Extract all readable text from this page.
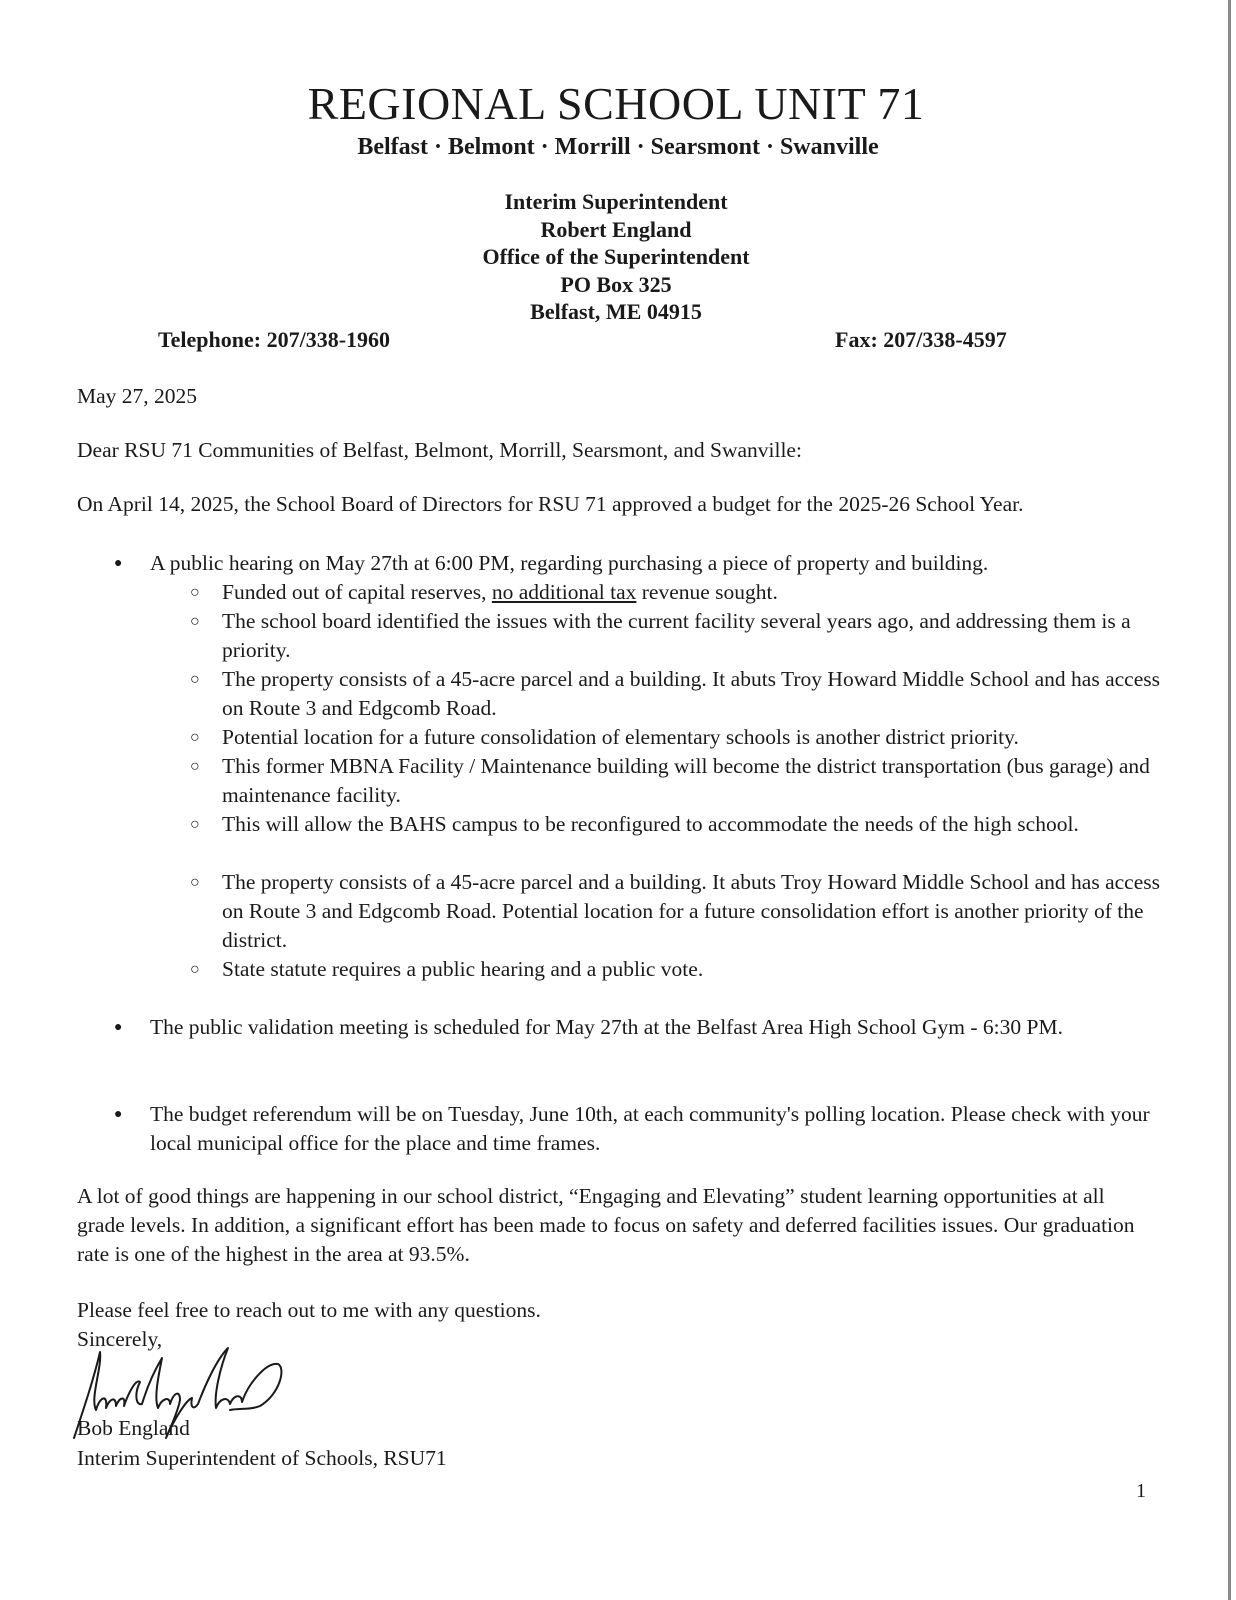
REGIONAL SCHOOL UNIT 71
Belfast · Belmont · Morrill · Searsmont · Swanville
Interim Superintendent
Robert England
Office of the Superintendent
PO Box 325
Belfast, ME 04915
Telephone: 207/338-1960	Fax: 207/338-4597
May 27, 2025
Dear RSU 71 Communities of Belfast, Belmont, Morrill, Searsmont, and Swanville:
On April 14, 2025, the School Board of Directors for RSU 71 approved a budget for the 2025-26 School Year.
● A public hearing on May 27th at 6:00 PM, regarding purchasing a piece of property and building.
○ Funded out of capital reserves, no additional tax revenue sought.
○ The school board identified the issues with the current facility several years ago, and addressing them is a priority.
○ The property consists of a 45-acre parcel and a building. It abuts Troy Howard Middle School and has access on Route 3 and Edgcomb Road.
○ Potential location for a future consolidation of elementary schools is another district priority.
○ This former MBNA Facility / Maintenance building will become the district transportation (bus garage) and maintenance facility.
○ This will allow the BAHS campus to be reconfigured to accommodate the needs of the high school.
○ The property consists of a 45-acre parcel and a building. It abuts Troy Howard Middle School and has access on Route 3 and Edgcomb Road. Potential location for a future consolidation effort is another priority of the district.
○ State statute requires a public hearing and a public vote.
● The public validation meeting is scheduled for May 27th at the Belfast Area High School Gym - 6:30 PM.
● The budget referendum will be on Tuesday, June 10th, at each community's polling location. Please check with your local municipal office for the place and time frames.
A lot of good things are happening in our school district, “Engaging and Elevating” student learning opportunities at all grade levels. In addition, a significant effort has been made to focus on safety and deferred facilities issues. Our graduation rate is one of the highest in the area at 93.5%.
Please feel free to reach out to me with any questions.
Sincerely,
Bob England
Interim Superintendent of Schools, RSU71
1
